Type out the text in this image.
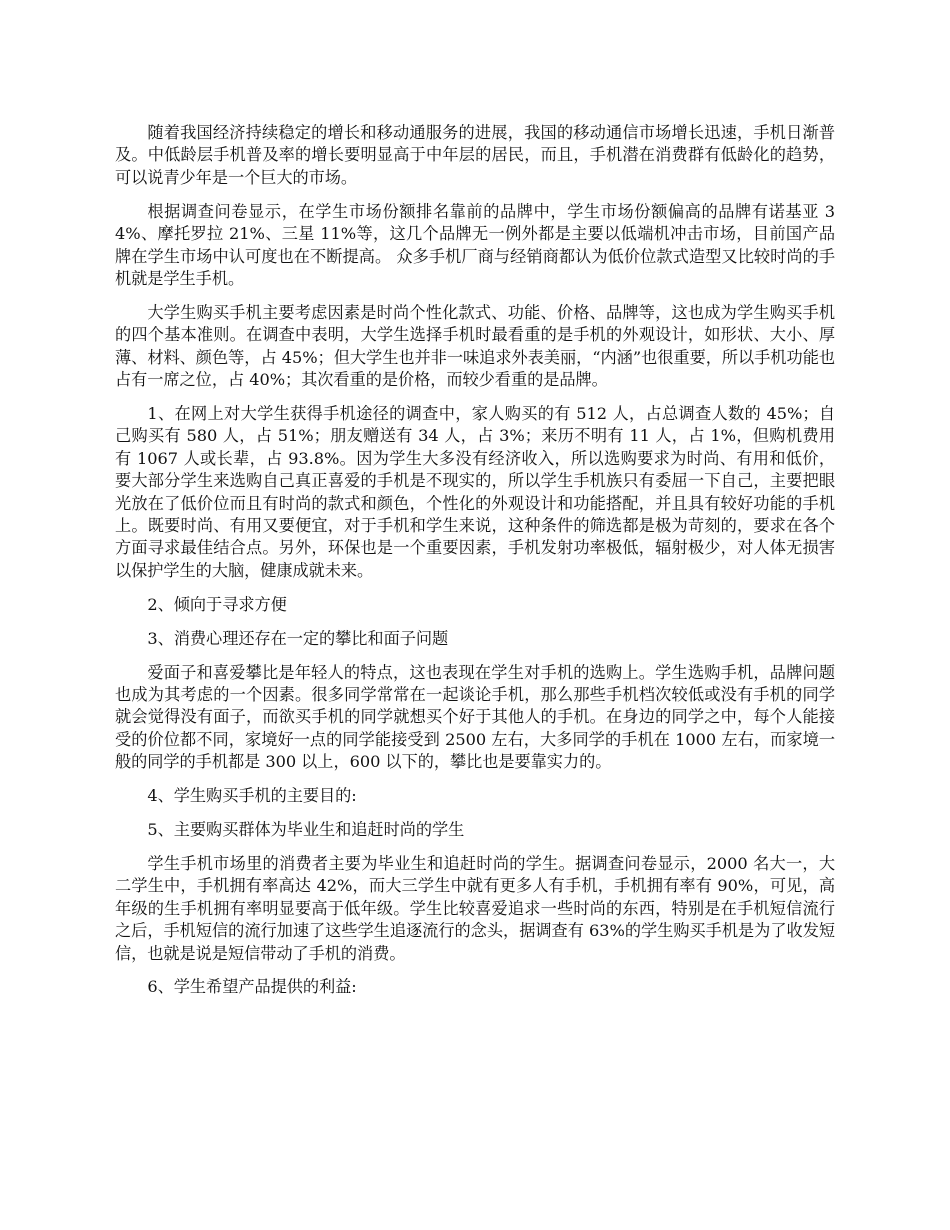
随着我国经济持续稳定的增长和移动通服务的进展，我国的移动通信市场增长迅速，手机日渐普及。中低龄层手机普及率的增长要明显高于中年层的居民，而且，手机潜在消费群有低龄化的趋势，可以说青少年是一个巨大的市场。

根据调查问卷显示，在学生市场份额排名靠前的品牌中，学生市场份额偏高的品牌有诺基亚 34%、摩托罗拉 21%、三星 11%等，这几个品牌无一例外都是主要以低端机冲击市场，目前国产品牌在学生市场中认可度也在不断提高。 众多手机厂商与经销商都认为低价位款式造型又比较时尚的手机就是学生手机。

大学生购买手机主要考虑因素是时尚个性化款式、功能、价格、品牌等，这也成为学生购买手机的四个基本准则。在调查中表明，大学生选择手机时最看重的是手机的外观设计，如形状、大小、厚薄、材料、颜色等，占 45%；但大学生也并非一味追求外表美丽，“内涵”也很重要，所以手机功能也占有一席之位，占 40%；其次看重的是价格，而较少看重的是品牌。

1、在网上对大学生获得手机途径的调查中，家人购买的有 512 人，占总调查人数的 45%；自己购买有 580 人，占 51%；朋友赠送有 34 人，占 3%；来历不明有 11 人，占 1%，但购机费用有 1067 人或长辈，占 93.8%。因为学生大多没有经济收入，所以选购要求为时尚、有用和低价，要大部分学生来选购自己真正喜爱的手机是不现实的，所以学生手机族只有委屈一下自己，主要把眼光放在了低价位而且有时尚的款式和颜色，个性化的外观设计和功能搭配，并且具有较好功能的手机上。既要时尚、有用又要便宜，对于手机和学生来说，这种条件的筛选都是极为苛刻的，要求在各个方面寻求最佳结合点。另外，环保也是一个重要因素，手机发射功率极低，辐射极少，对人体无损害以保护学生的大脑，健康成就未来。

2、倾向于寻求方便

3、消费心理还存在一定的攀比和面子问题

爱面子和喜爱攀比是年轻人的特点，这也表现在学生对手机的选购上。学生选购手机，品牌问题也成为其考虑的一个因素。很多同学常常在一起谈论手机，那么那些手机档次较低或没有手机的同学就会觉得没有面子，而欲买手机的同学就想买个好于其他人的手机。在身边的同学之中，每个人能接受的价位都不同，家境好一点的同学能接受到 2500 左右，大多同学的手机在 1000 左右，而家境一般的同学的手机都是 300 以上，600 以下的，攀比也是要靠实力的。

4、学生购买手机的主要目的:

5、主要购买群体为毕业生和追赶时尚的学生

学生手机市场里的消费者主要为毕业生和追赶时尚的学生。据调查问卷显示，2000 名大一，大二学生中，手机拥有率高达 42%，而大三学生中就有更多人有手机，手机拥有率有 90%，可见，高年级的生手机拥有率明显要高于低年级。学生比较喜爱追求一些时尚的东西，特别是在手机短信流行之后，手机短信的流行加速了这些学生追逐流行的念头，据调查有 63%的学生购买手机是为了收发短信，也就是说是短信带动了手机的消费。

6、学生希望产品提供的利益:
